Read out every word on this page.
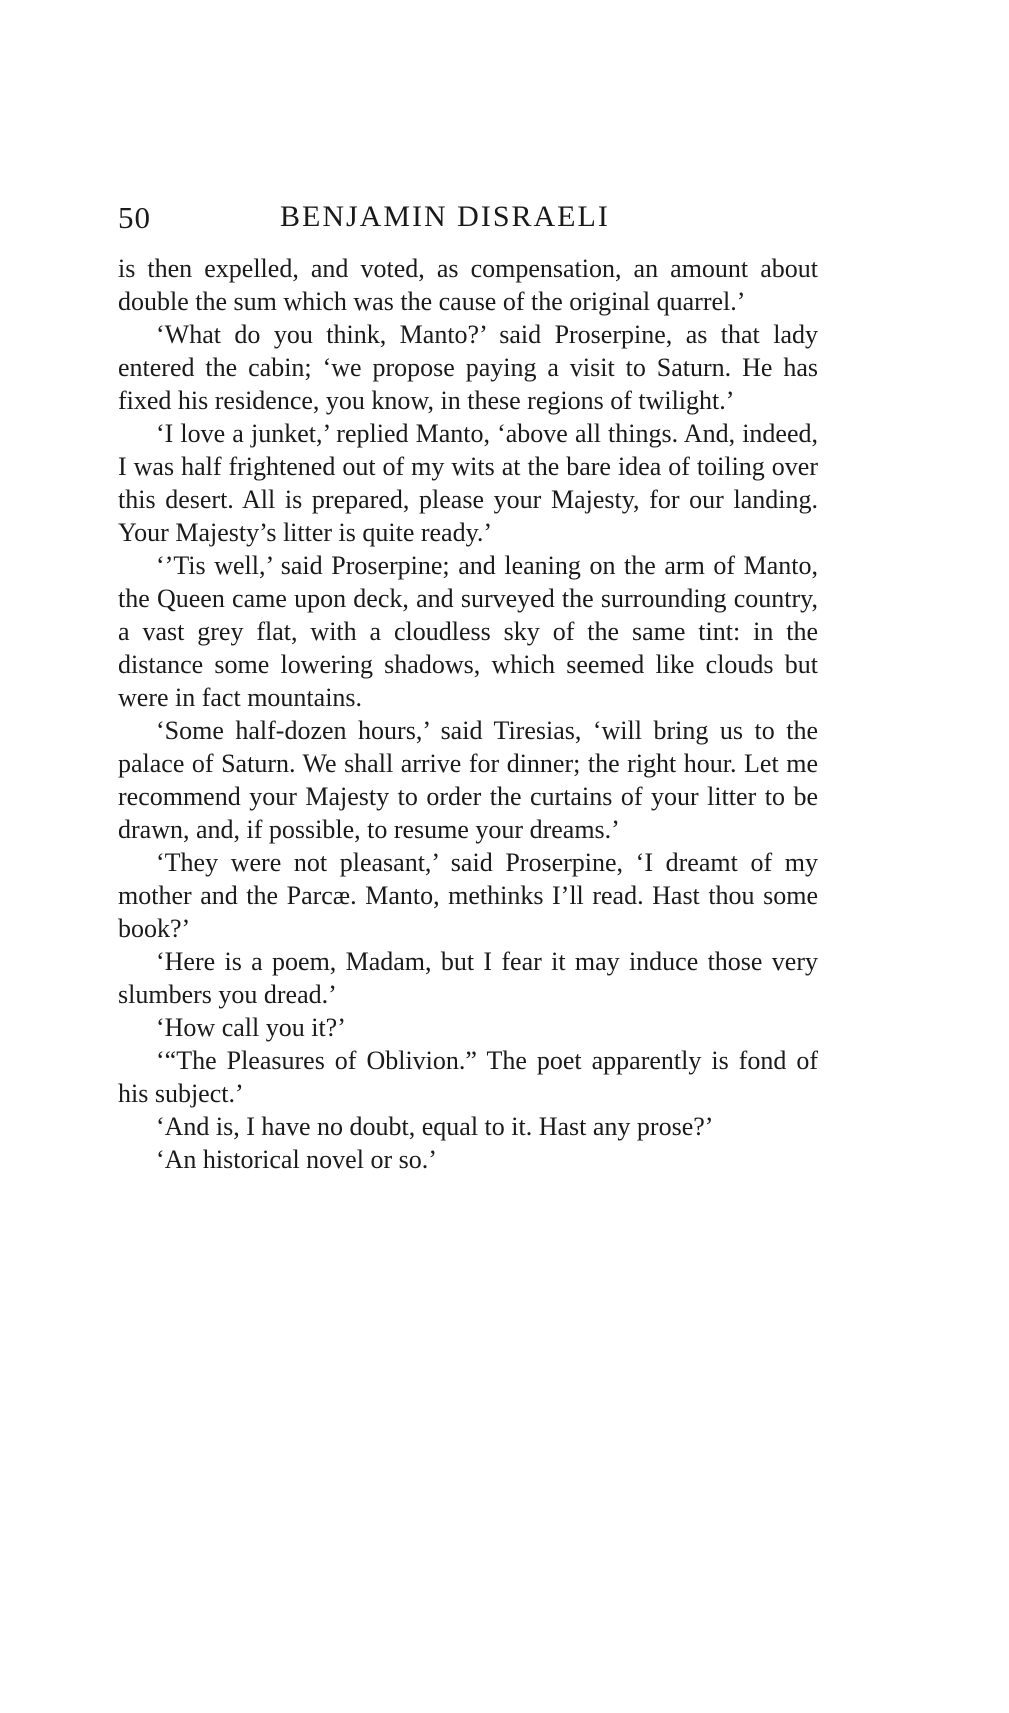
50	BENJAMIN DISRAELI

is then expelled, and voted, as compensation, an amount about double the sum which was the cause of the original quarrel.’

‘What do you think, Manto?’ said Proserpine, as that lady entered the cabin; ‘we propose paying a visit to Saturn. He has fixed his residence, you know, in these regions of twilight.’

‘I love a junket,’ replied Manto, ‘above all things. And, indeed, I was half frightened out of my wits at the bare idea of toiling over this desert. All is prepared, please your Majesty, for our landing. Your Majesty’s litter is quite ready.’

‘’Tis well,’ said Proserpine; and leaning on the arm of Manto, the Queen came upon deck, and surveyed the surrounding country, a vast grey flat, with a cloudless sky of the same tint: in the distance some lowering shadows, which seemed like clouds but were in fact mountains.

‘Some half-dozen hours,’ said Tiresias, ‘will bring us to the palace of Saturn. We shall arrive for dinner; the right hour. Let me recommend your Majesty to order the curtains of your litter to be drawn, and, if possible, to resume your dreams.’

‘They were not pleasant,’ said Proserpine, ‘I dreamt of my mother and the Parcæ. Manto, methinks I’ll read. Hast thou some book?’

‘Here is a poem, Madam, but I fear it may induce those very slumbers you dread.’

‘How call you it?’

‘“The Pleasures of Oblivion.” The poet apparently is fond of his subject.’

‘And is, I have no doubt, equal to it. Hast any prose?’

‘An historical novel or so.’
